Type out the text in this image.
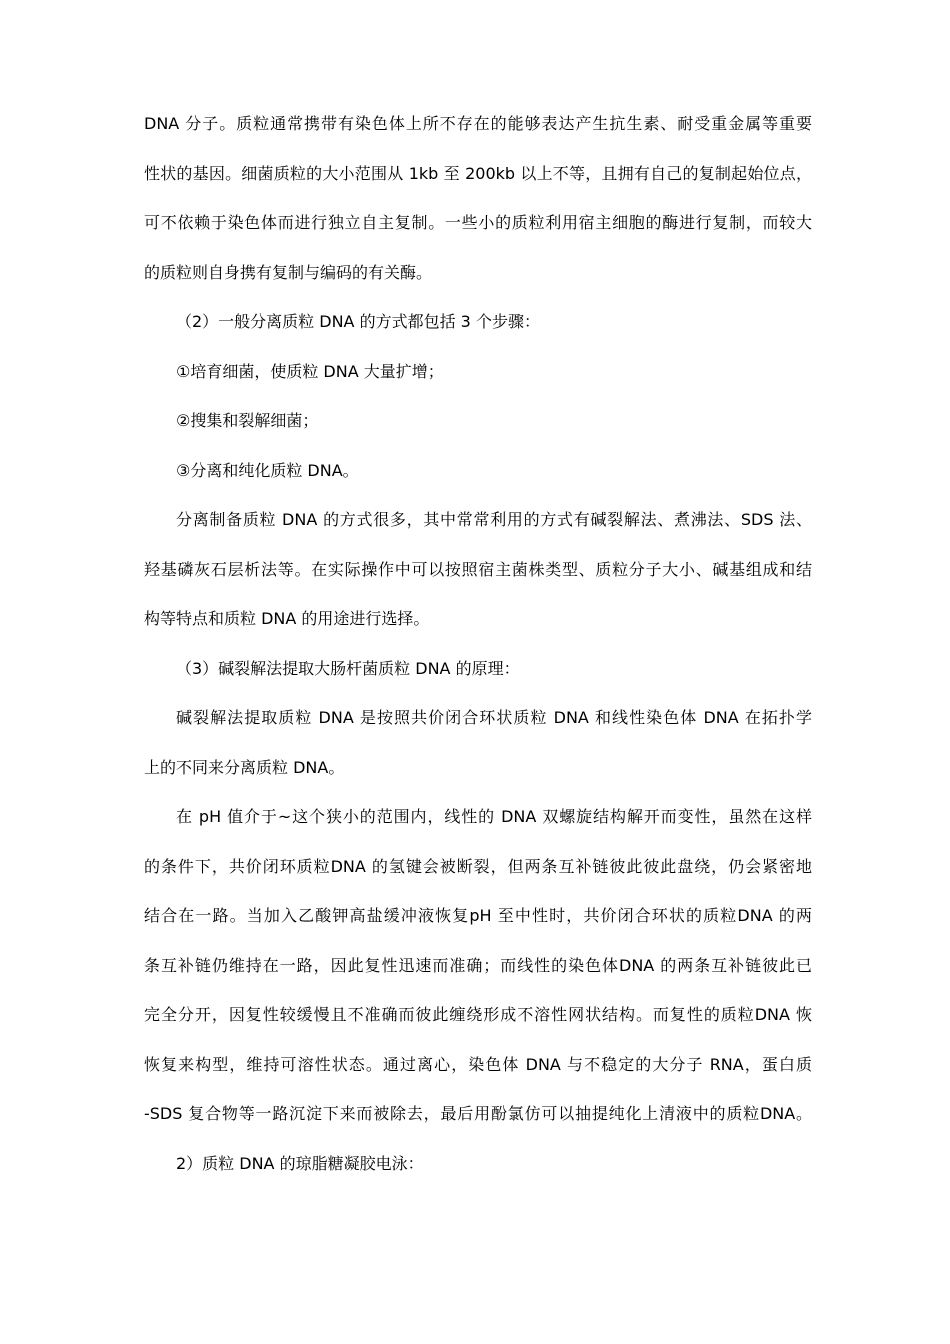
DNA 分子。质粒通常携带有染色体上所不存在的能够表达产生抗生素、耐受重金属等重要
性状的基因。细菌质粒的大小范围从 1kb 至 200kb 以上不等，且拥有自己的复制起始位点，
可不依赖于染色体而进行独立自主复制。一些小的质粒利用宿主细胞的酶进行复制，而较大
的质粒则自身携有复制与编码的有关酶。
（2）一般分离质粒 DNA 的方式都包括 3 个步骤：
①培育细菌，使质粒 DNA 大量扩增；
②搜集和裂解细菌；
③分离和纯化质粒 DNA。
分离制备质粒 DNA 的方式很多，其中常常利用的方式有碱裂解法、煮沸法、SDS 法、
羟基磷灰石层析法等。在实际操作中可以按照宿主菌株类型、质粒分子大小、碱基组成和结
构等特点和质粒 DNA 的用途进行选择。
（3）碱裂解法提取大肠杆菌质粒 DNA 的原理：
碱裂解法提取质粒 DNA 是按照共价闭合环状质粒 DNA 和线性染色体 DNA 在拓扑学
上的不同来分离质粒 DNA。
在 pH 值介于~这个狭小的范围内，线性的 DNA 双螺旋结构解开而变性，虽然在这样
的条件下，共价闭环质粒DNA 的氢键会被断裂，但两条互补链彼此彼此盘绕，仍会紧密地
结合在一路。当加入乙酸钾高盐缓冲液恢复pH 至中性时，共价闭合环状的质粒DNA 的两
条互补链仍维持在一路，因此复性迅速而准确；而线性的染色体DNA 的两条互补链彼此已
完全分开，因复性较缓慢且不准确而彼此缠绕形成不溶性网状结构。而复性的质粒DNA 恢
恢复来构型，维持可溶性状态。通过离心，染色体 DNA 与不稳定的大分子 RNA，蛋白质
-SDS 复合物等一路沉淀下来而被除去，最后用酚氯仿可以抽提纯化上清液中的质粒DNA。
2）质粒 DNA 的琼脂糖凝胶电泳：
